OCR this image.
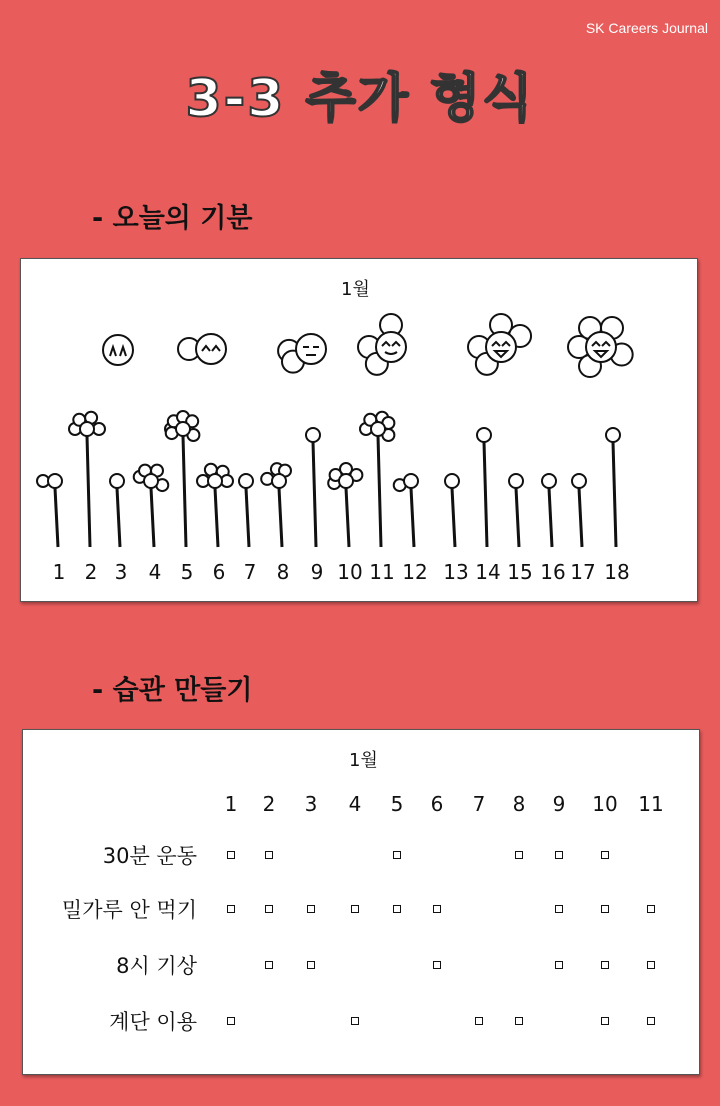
SK Careers Journal
3-3 추가 형식
- 오늘의 기분
1월
1 2 3 4 5 6 7 8 9 10 11 12 13 14 15 16 17 18
- 습관 만들기
1월
1 2 3 4 5 6 7 8 9 10 11
30분 운동
밀가루 안 먹기
8시 기상
계단 이용
